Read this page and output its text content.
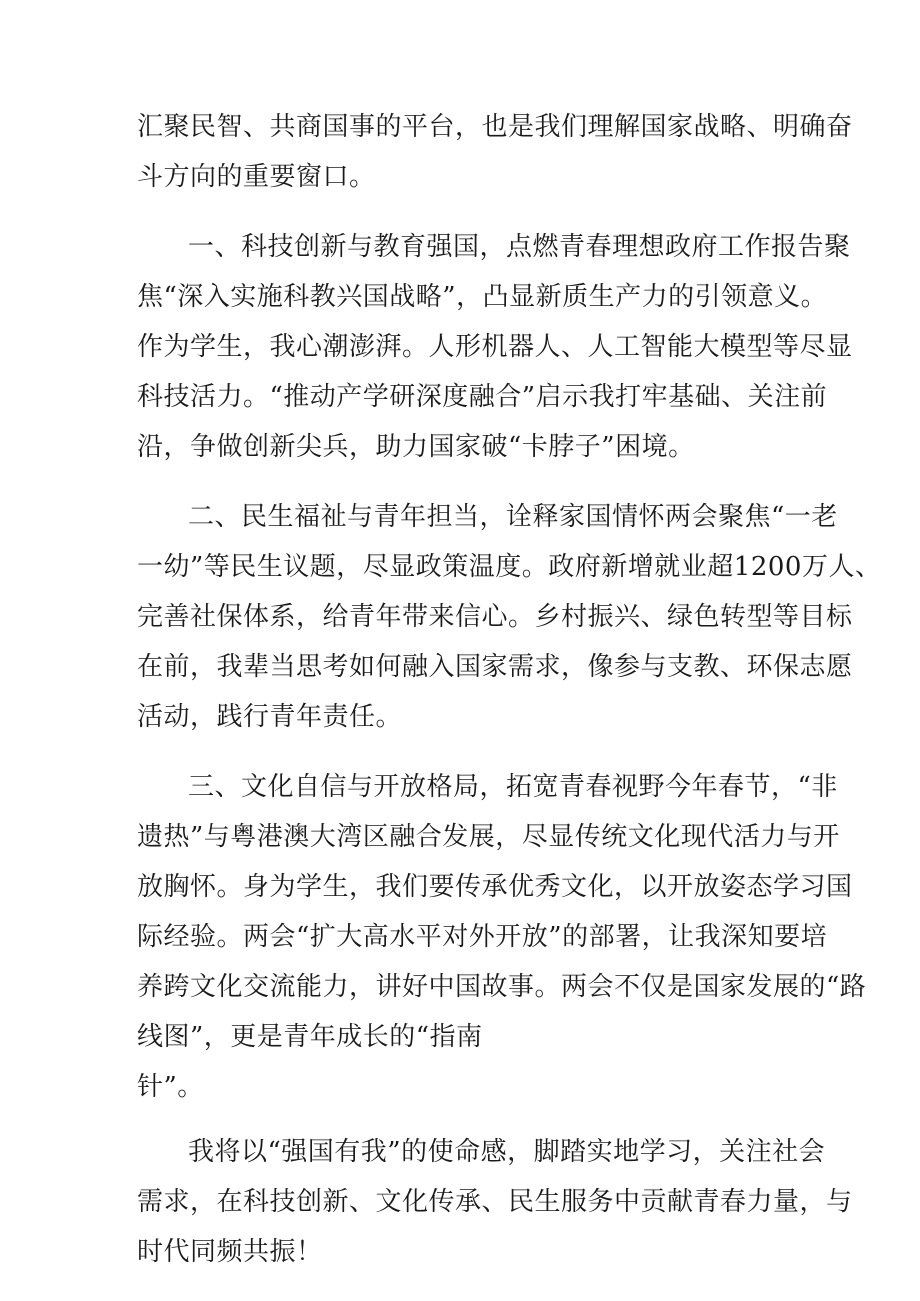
汇聚民智、共商国事的平台，也是我们理解国家战略、明确奋
斗方向的重要窗口。
一、科技创新与教育强国，点燃青春理想政府工作报告聚
焦“深入实施科教兴国战略”，凸显新质生产力的引领意义。
作为学生，我心潮澎湃。人形机器人、人工智能大模型等尽显
科技活力。“推动产学研深度融合”启示我打牢基础、关注前
沿，争做创新尖兵，助力国家破“卡脖子”困境。
二、民生福祉与青年担当，诠释家国情怀两会聚焦“一老
一幼”等民生议题，尽显政策温度。政府新增就业超1200万人、
完善社保体系，给青年带来信心。乡村振兴、绿色转型等目标
在前，我辈当思考如何融入国家需求，像参与支教、环保志愿
活动，践行青年责任。
三、文化自信与开放格局，拓宽青春视野今年春节，“非
遗热”与粤港澳大湾区融合发展，尽显传统文化现代活力与开
放胸怀。身为学生，我们要传承优秀文化，以开放姿态学习国
际经验。两会“扩大高水平对外开放”的部署，让我深知要培
养跨文化交流能力，讲好中国故事。两会不仅是国家发展的“路
线图”，更是青年成长的“指南
针”。
我将以“强国有我”的使命感，脚踏实地学习，关注社会
需求，在科技创新、文化传承、民生服务中贡献青春力量，与
时代同频共振！
